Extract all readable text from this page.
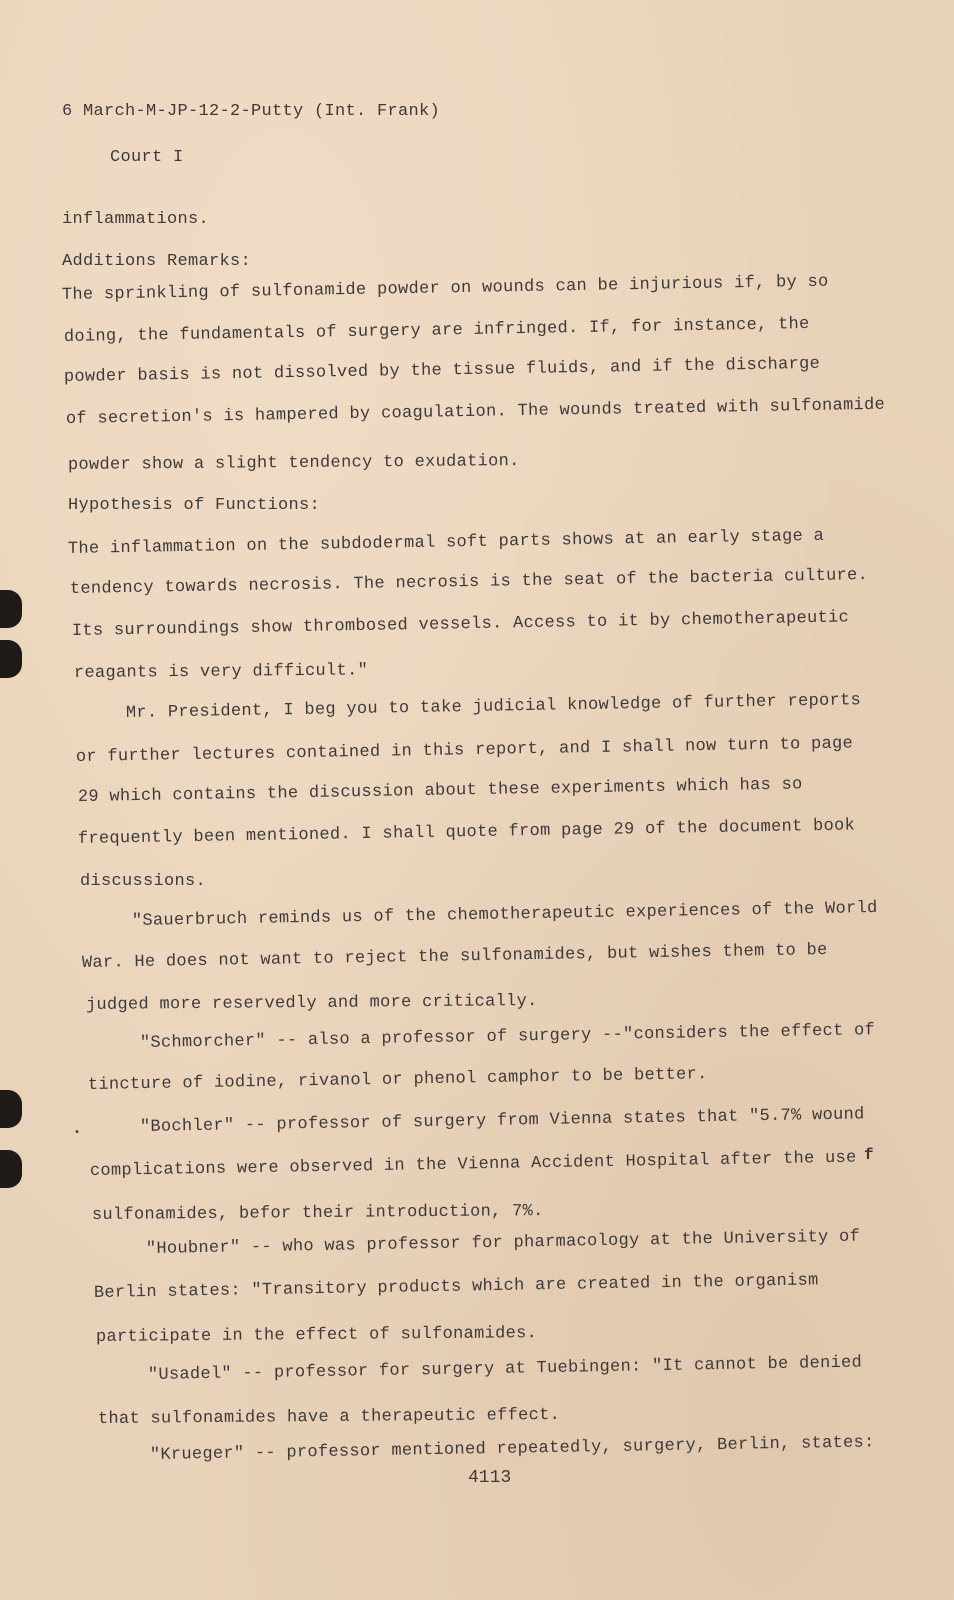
6 March-M-JP-12-2-Putty (Int. Frank)
Court I
inflammations.
Additions Remarks:
The sprinkling of sulfonamide powder on wounds can be injurious if, by so
doing, the fundamentals of surgery are infringed. If, for instance, the
powder basis is not dissolved by the tissue fluids, and if the discharge
of secretion's is hampered by coagulation. The wounds treated with sulfonamide
powder show a slight tendency to exudation.
Hypothesis of Functions:
The inflammation on the subdodermal soft parts shows at an early stage a
tendency towards necrosis. The necrosis is the seat of the bacteria culture.
Its surroundings show thrombosed vessels. Access to it by chemotherapeutic
reagants is very difficult."
Mr. President, I beg you to take judicial knowledge of further reports
or further lectures contained in this report, and I shall now turn to page
29 which contains the discussion about these experiments which has so
frequently been mentioned. I shall quote from page 29 of the document book
discussions.
"Sauerbruch reminds us of the chemotherapeutic experiences of the World
War. He does not want to reject the sulfonamides, but wishes them to be
judged more reservedly and more critically.
"Schmorcher" -- also a professor of surgery --"considers the effect of
tincture of iodine, rivanol or phenol camphor to be better.
"Bochler" -- professor of surgery from Vienna states that "5.7% wound
complications were observed in the Vienna Accident Hospital after the use
sulfonamides, befor their introduction, 7%.
"Houbner" -- who was professor for pharmacology at the University of
Berlin states: "Transitory products which are created in the organism
participate in the effect of sulfonamides.
"Usadel" -- professor for surgery at Tuebingen: "It cannot be denied
that sulfonamides have a therapeutic effect.
"Krueger" -- professor mentioned repeatedly, surgery, Berlin, states:
f
•
4113
